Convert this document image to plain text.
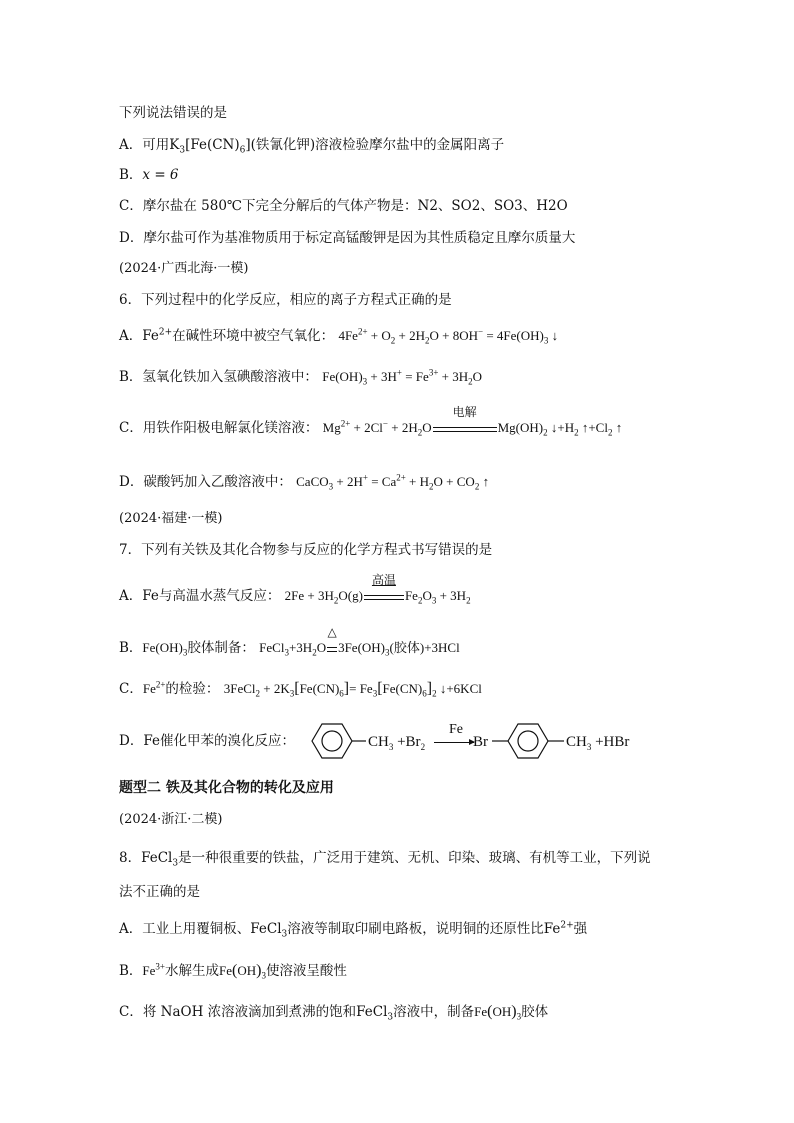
下列说法错误的是
A．可用$K_3[Fe(CN)_6]$(铁氰化钾)溶液检验摩尔盐中的金属阳离子
B．x = 6
C．摩尔盐在 580℃下完全分解后的气体产物是：N2、SO2、SO3、H2O
D．摩尔盐可作为基准物质用于标定高锰酸钾是因为其性质稳定且摩尔质量大
(2024·广西北海·一模)
6．下列过程中的化学反应，相应的离子方程式正确的是
A．$Fe^{2+}$在碱性环境中被空气氧化： $4Fe^{2+} + O_2 + 2H_2O + 8OH^- = 4Fe(OH)_3$ ↓
B．氢氧化铁加入氢碘酸溶液中： $Fe(OH)_3 + 3H^+ = Fe^{3+} + 3H_2O$
C．用铁作阳极电解氯化镁溶液： $Mg^{2+} + 2Cl^- + 2H_2O$
电解
$Mg(OH)_2$ $↓+H_2$ $↑+Cl_2$ ↑
D．碳酸钙加入乙酸溶液中： CaCO$_3$ + $2H^+ = Ca^{2+} + H_2O + CO_2$ ↑
(2024·福建·一模)
7．下列有关铁及其化合物参与反应的化学方程式书写错误的是
A．Fe与高温水蒸气反应： $2Fe + 3H_2O(g)$
高温
$Fe_2O_3 + 3H_2$
B．$Fe(OH)_3$胶体制备： $FeCl_3+3H_2O$
△
$3Fe(OH)_3$(胶体)+3HCl
C．$Fe^{2+}$的检验： 3FeCl$_2$ + $2K_3[Fe(CN)_6]= Fe_3[Fe(CN)_6]_2$ ↓+6KCl
D．Fe催化甲苯的溴化反应：	$CH_3 +Br_2$
Fe
Br	$CH_3 +HBr$
题型二 铁及其化合物的转化及应用
(2024·浙江·二模)
8．FeCl$_3$是一种很重要的铁盐，广泛用于建筑、无机、印染、玻璃、有机等工业，下列说
法不正确的是
A．工业上用覆铜板、FeCl$_3$溶液等制取印刷电路板，说明铜的还原性比$Fe^{2+}$强
B．$Fe^{3+}$水解生成$Fe(OH)_3$使溶液呈酸性
C．将 NaOH 浓溶液滴加到煮沸的饱和FeCl$_3$溶液中，制备$Fe(OH)_3$胶体
